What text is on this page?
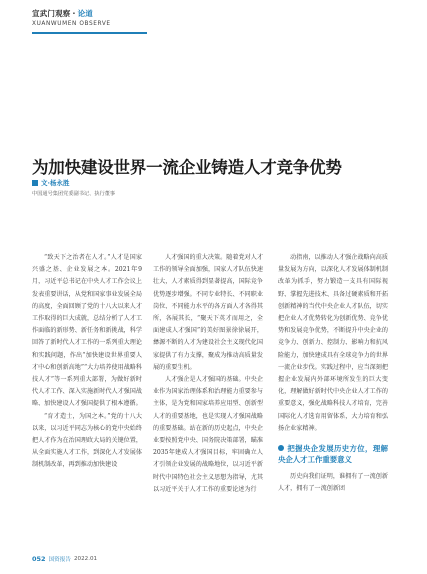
宣武门观察 · 论道
XUANWUMEN OBSERVE
为加快建设世界一流企业铸造人才竞争优势
文·杨永胜
中国通号集团党委副书记、执行董事

“致天下之治者在人才。”人才是国家兴盛之基、企业发展之本。2021年9月，习近平总书记在中央人才工作会议上发表重要讲话，从党和国家事业发展全局的高度，全面回顾了党的十八大以来人才工作取得的巨大成就，总结分析了人才工作面临的新形势、新任务和新挑战，科学回答了新时代人才工作的一系列重大理论和实践问题，作出“加快建设世界重要人才中心和创新高地”“大力培养使用战略科技人才”等一系列重大部署，为做好新时代人才工作、深入实施新时代人才强国战略、加快建设人才强国提供了根本遵循。

“育才造士，为国之本。”党的十八大以来，以习近平同志为核心的党中央始终把人才作为在治国理政大局的关键位置，从全面实施人才工作，到深化人才发展体制机制改革，再到推动加快建设

人才强国的重大决策。随着党对人才工作的领导全面加强，国家人才队伍快速壮大，人才素质得到显著提高，国际竞争优势逐步增强。不同专业特长、不同职业岗位、不同能力水平的各方面人才各得其所，各展其长，“聚天下英才而用之，全面建成人才强国”的美好图景徐徐展开，彝源不断的人才为建设社会主义现代化国家提供了有力支撑，聚成为推动高质量发展的重要生机。

人才强企是人才强国的基础。中央企业作为国家治理体系和治理能力重要参与主体，是为党和国家培养应用型、创新型人才的重要基地，也是实现人才强国战略的重要基础。站在新的历史起点，中央企业要按照党中央、国务院决策部署，瞄准2035年建成人才强国目标，牢固确立人才引领企业发展的战略地位，以习近平新时代中国特色社会主义思想为指导，尤其以习近平关于人才工作的重要论述为行

动指南，以推动人才强企战略向高质量发展为方向，以深化人才发展体制机制改革为抓手，努力锻造一支具有国际视野、掌握先进技术、具备过硬素质和开拓创新精神的当代中央企业人才队伍，切实把企业人才优势转化为创新优势、竞争优势和发展竞争优势，不断提升中央企业的竞争力、创新力、控制力、影响力和抗风险能力，加快建成具有全球竞争力的世界一流企业步伐。实践过程中，应当深刻把握企业发展内外部环境所发生的巨大变化，理解做好新时代中央企业人才工作的重要意义，强化战略科技人才培育，完善国际化人才选育用留体系，大力培育和弘扬企业家精神。

把握央企发展历史方位，理解央企人才工作重要意义

历史向我们证明，谁拥有了一流创新人才，拥有了一流创新团

052 国资报告 2022.01
